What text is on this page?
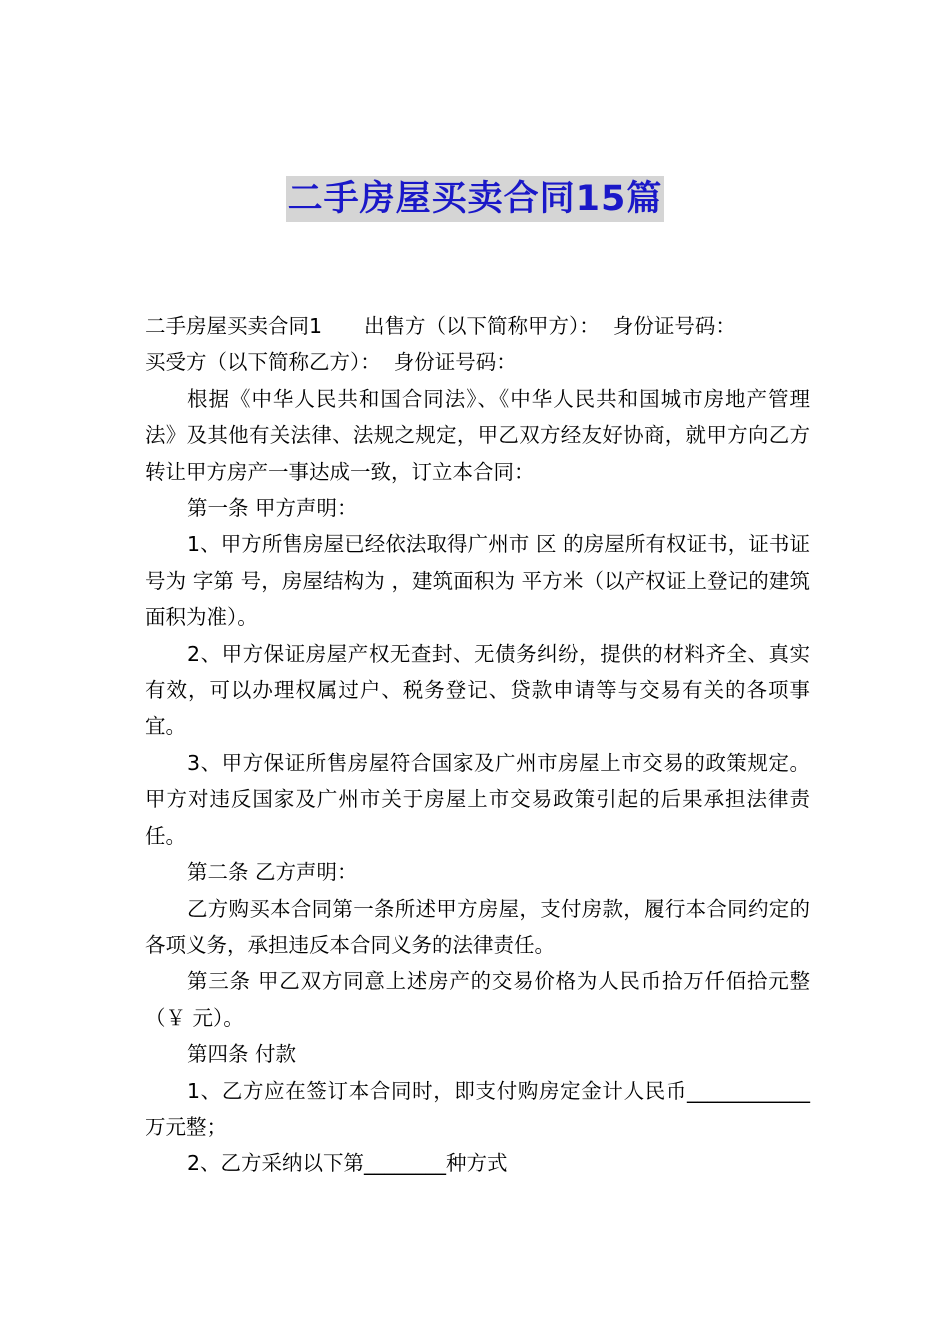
二手房屋买卖合同15篇

二手房屋买卖合同1 出售方（以下简称甲方）： 身份证号码：

买受方（以下简称乙方）： 身份证号码：

根据《中华人民共和国合同法》、《中华人民共和国城市房地产管理法》及其他有关法律、法规之规定，甲乙双方经友好协商，就甲方向乙方转让甲方房产一事达成一致，订立本合同：

第一条 甲方声明：

1、甲方所售房屋已经依法取得广州市 区 的房屋所有权证书，证书证号为 字第 号，房屋结构为 ，建筑面积为 平方米（以产权证上登记的建筑面积为准）。

2、甲方保证房屋产权无查封、无债务纠纷，提供的材料齐全、真实有效，可以办理权属过户、税务登记、贷款申请等与交易有关的各项事宜。

3、甲方保证所售房屋符合国家及广州市房屋上市交易的政策规定。甲方对违反国家及广州市关于房屋上市交易政策引起的后果承担法律责任。

第二条 乙方声明：

乙方购买本合同第一条所述甲方房屋，支付房款，履行本合同约定的各项义务，承担违反本合同义务的法律责任。

第三条 甲乙双方同意上述房产的交易价格为人民币拾万仟佰拾元整（￥ 元）。

第四条 付款

1、乙方应在签订本合同时，即支付购房定金计人民币____________万元整；

2、乙方采纳以下第________种方式
